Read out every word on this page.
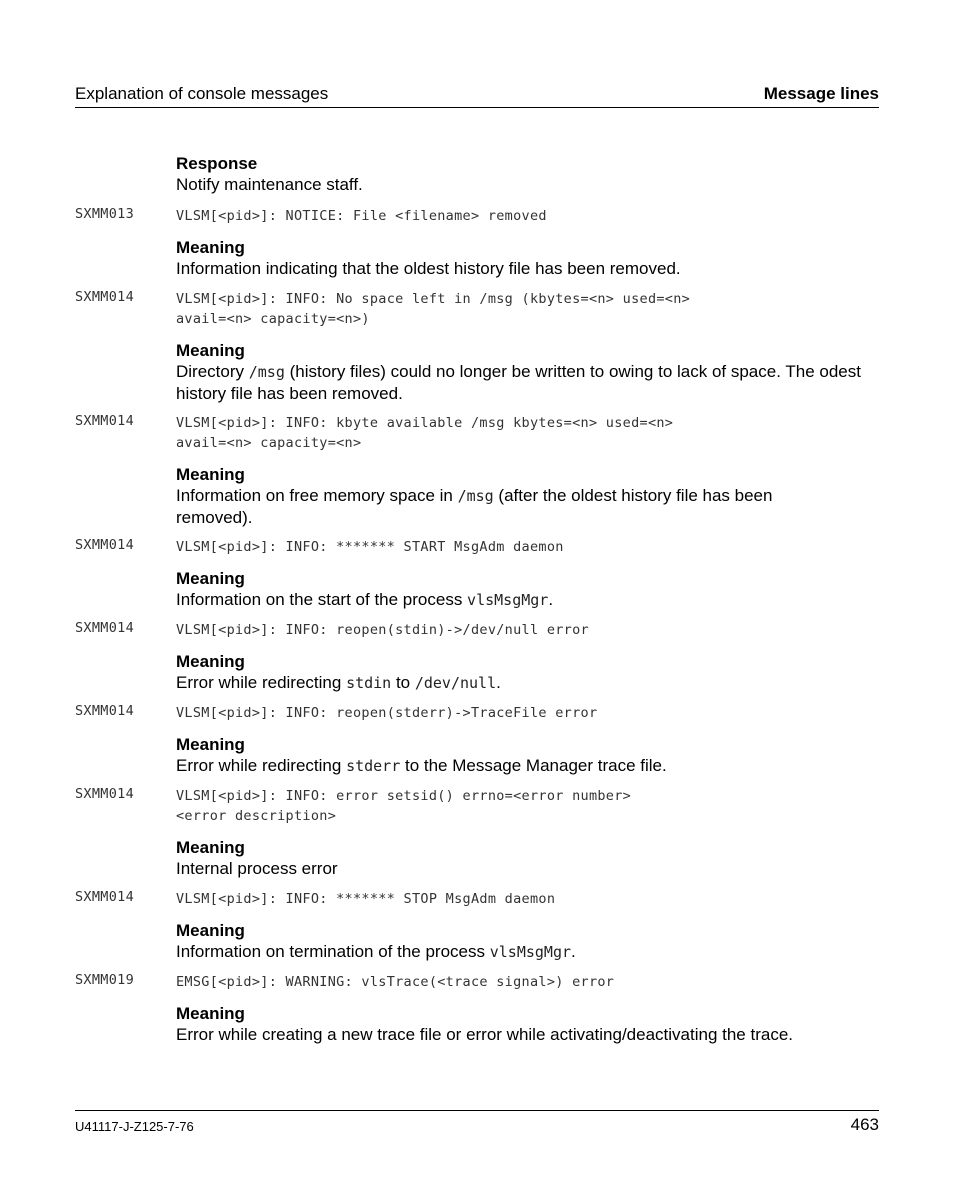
Explanation of console messages	Message lines
Response
Notify maintenance staff.
SXMM013	VLSM[<pid>]: NOTICE: File <filename> removed
Meaning
Information indicating that the oldest history file has been removed.
SXMM014	VLSM[<pid>]: INFO: No space left in /msg (kbytes=<n> used=<n>
avail=<n> capacity=<n>)
Meaning
Directory /msg (history files) could no longer be written to owing to lack of space. The odest history file has been removed.
SXMM014	VLSM[<pid>]: INFO: kbyte available /msg kbytes=<n> used=<n>
avail=<n> capacity=<n>
Meaning
Information on free memory space in /msg (after the oldest history file has been removed).
SXMM014	VLSM[<pid>]: INFO: ******* START MsgAdm daemon
Meaning
Information on the start of the process vlsMsgMgr.
SXMM014	VLSM[<pid>]: INFO: reopen(stdin)->/dev/null error
Meaning
Error while redirecting stdin to /dev/null.
SXMM014	VLSM[<pid>]: INFO: reopen(stderr)->TraceFile error
Meaning
Error while redirecting stderr to the Message Manager trace file.
SXMM014	VLSM[<pid>]: INFO: error setsid() errno=<error number>
<error description>
Meaning
Internal process error
SXMM014	VLSM[<pid>]: INFO: ******* STOP MsgAdm daemon
Meaning
Information on termination of the process vlsMsgMgr.
SXMM019	EMSG[<pid>]: WARNING: vlsTrace(<trace signal>) error
Meaning
Error while creating a new trace file or error while activating/deactivating the trace.
U41117-J-Z125-7-76	463
